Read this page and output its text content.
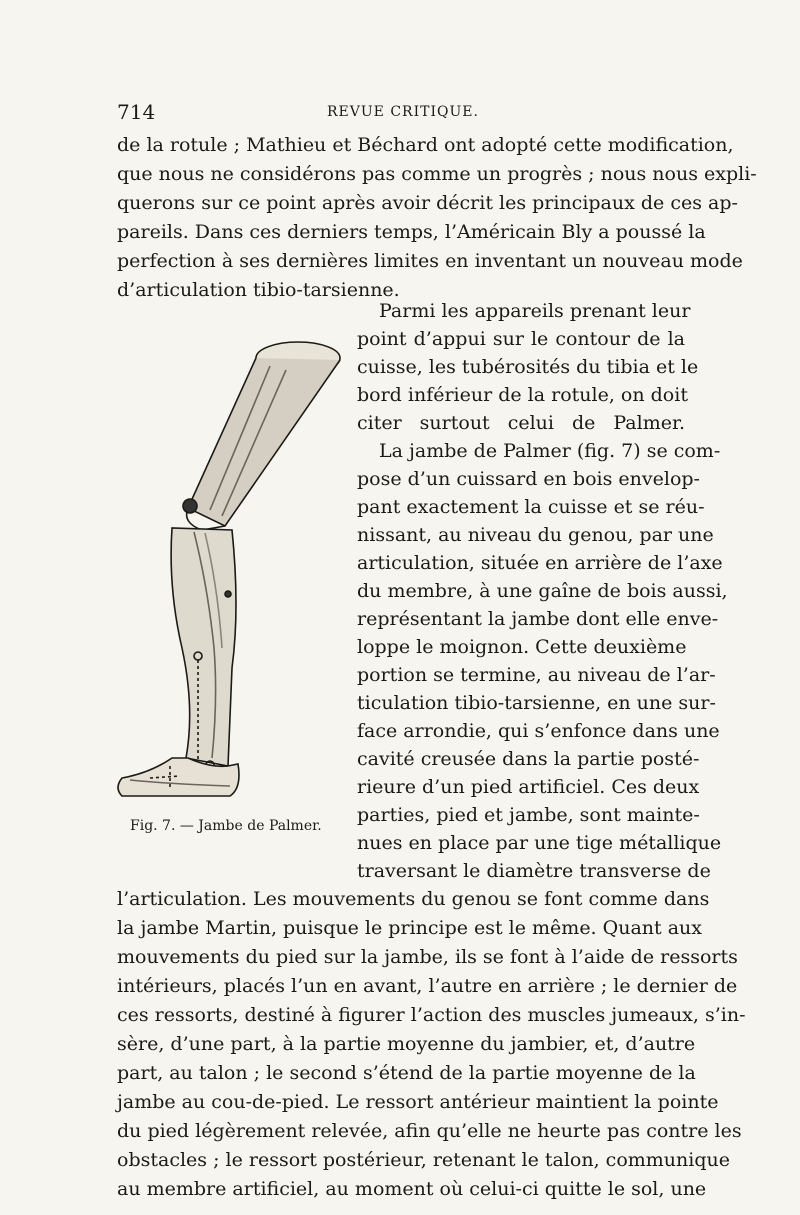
714	REVUE CRITIQUE.
de la rotule ; Mathieu et Béchard ont adopté cette modification,
que nous ne considérons pas comme un progrès ; nous nous expli-
querons sur ce point après avoir décrit les principaux de ces ap-
pareils. Dans ces derniers temps, l’Américain Bly a poussé la
perfection à ses dernières limites en inventant un nouveau mode
d’articulation tibio-tarsienne.
Fig. 7. — Jambe de Palmer.
Parmi les appareils prenant leur
point d’appui sur le contour de la
cuisse, les tubérosités du tibia et le
bord inférieur de la rotule, on doit
citer surtout celui de Palmer.
La jambe de Palmer (fig. 7) se com-
pose d’un cuissard en bois envelop-
pant exactement la cuisse et se réu-
nissant, au niveau du genou, par une
articulation, située en arrière de l’axe
du membre, à une gaîne de bois aussi,
représentant la jambe dont elle enve-
loppe le moignon. Cette deuxième
portion se termine, au niveau de l’ar-
ticulation tibio-tarsienne, en une sur-
face arrondie, qui s’enfonce dans une
cavité creusée dans la partie posté-
rieure d’un pied artificiel. Ces deux
parties, pied et jambe, sont mainte-
nues en place par une tige métallique
traversant le diamètre transverse de
l’articulation. Les mouvements du genou se font comme dans
la jambe Martin, puisque le principe est le même. Quant aux
mouvements du pied sur la jambe, ils se font à l’aide de ressorts
intérieurs, placés l’un en avant, l’autre en arrière ; le dernier de
ces ressorts, destiné à figurer l’action des muscles jumeaux, s’in-
sère, d’une part, à la partie moyenne du jambier, et, d’autre
part, au talon ; le second s’étend de la partie moyenne de la
jambe au cou-de-pied. Le ressort antérieur maintient la pointe
du pied légèrement relevée, afin qu’elle ne heurte pas contre les
obstacles ; le ressort postérieur, retenant le talon, communique
au membre artificiel, au moment où celui-ci quitte le sol, une
